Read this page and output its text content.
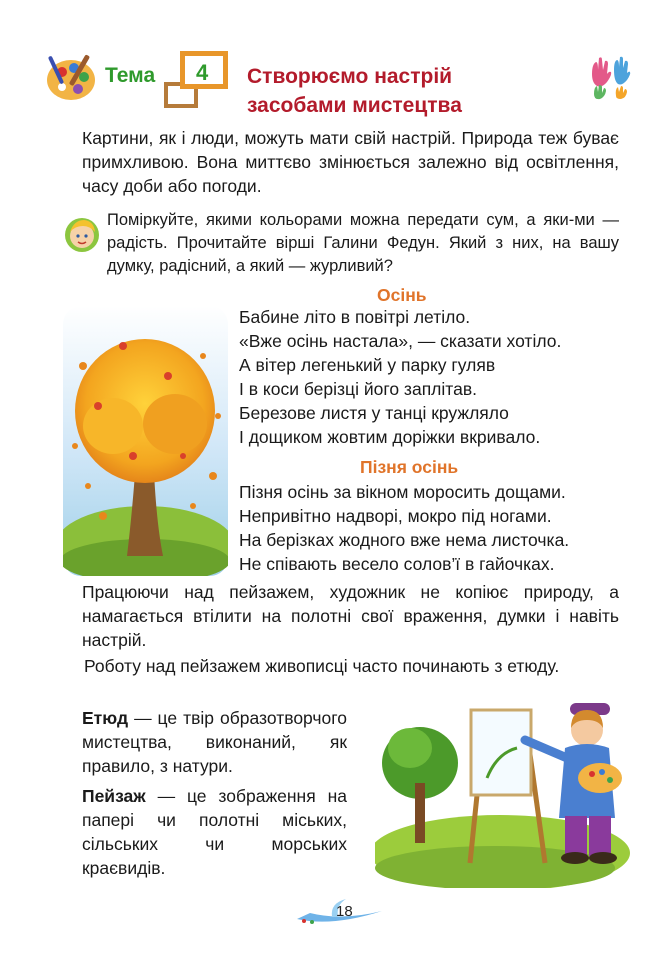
Тема 4 Створюємо настрій
засобами мистецтва
Картини, як і люди, можуть мати свій настрій. Природа теж буває примхливою. Вона миттєво змінюється залежно від освітлення, часу доби або погоди.
Поміркуйте, якими кольорами можна передати сум, а яки-ми — радість. Прочитайте вірші Галини Федун. Який з них, на вашу думку, радісний, а який — журливий?
Осінь
Бабине літо в повітрі летіло.
«Вже осінь настала», — сказати хотіло.
А вітер легенький у парку гуляв
І в коси берізці його заплітав.
Березове листя у танці кружляло
І дощиком жовтим доріжки вкривало.
Пізня осінь
Пізня осінь за вікном моросить дощами.
Непривітно надворі, мокро під ногами.
На берізках жодного вже нема листочка.
Не співають весело солов’ї в гайочках.
Працюючи над пейзажем, художник не копіює природу, а намагається втілити на полотні свої враження, думки і навіть настрій.
Роботу над пейзажем живописці часто починають з етюду.
Етюд — це твір образотворчого мистецтва, виконаний, як правило, з натури.
Пейзаж — це зображення на папері чи полотні міських, сільських чи морських краєвидів.
18
